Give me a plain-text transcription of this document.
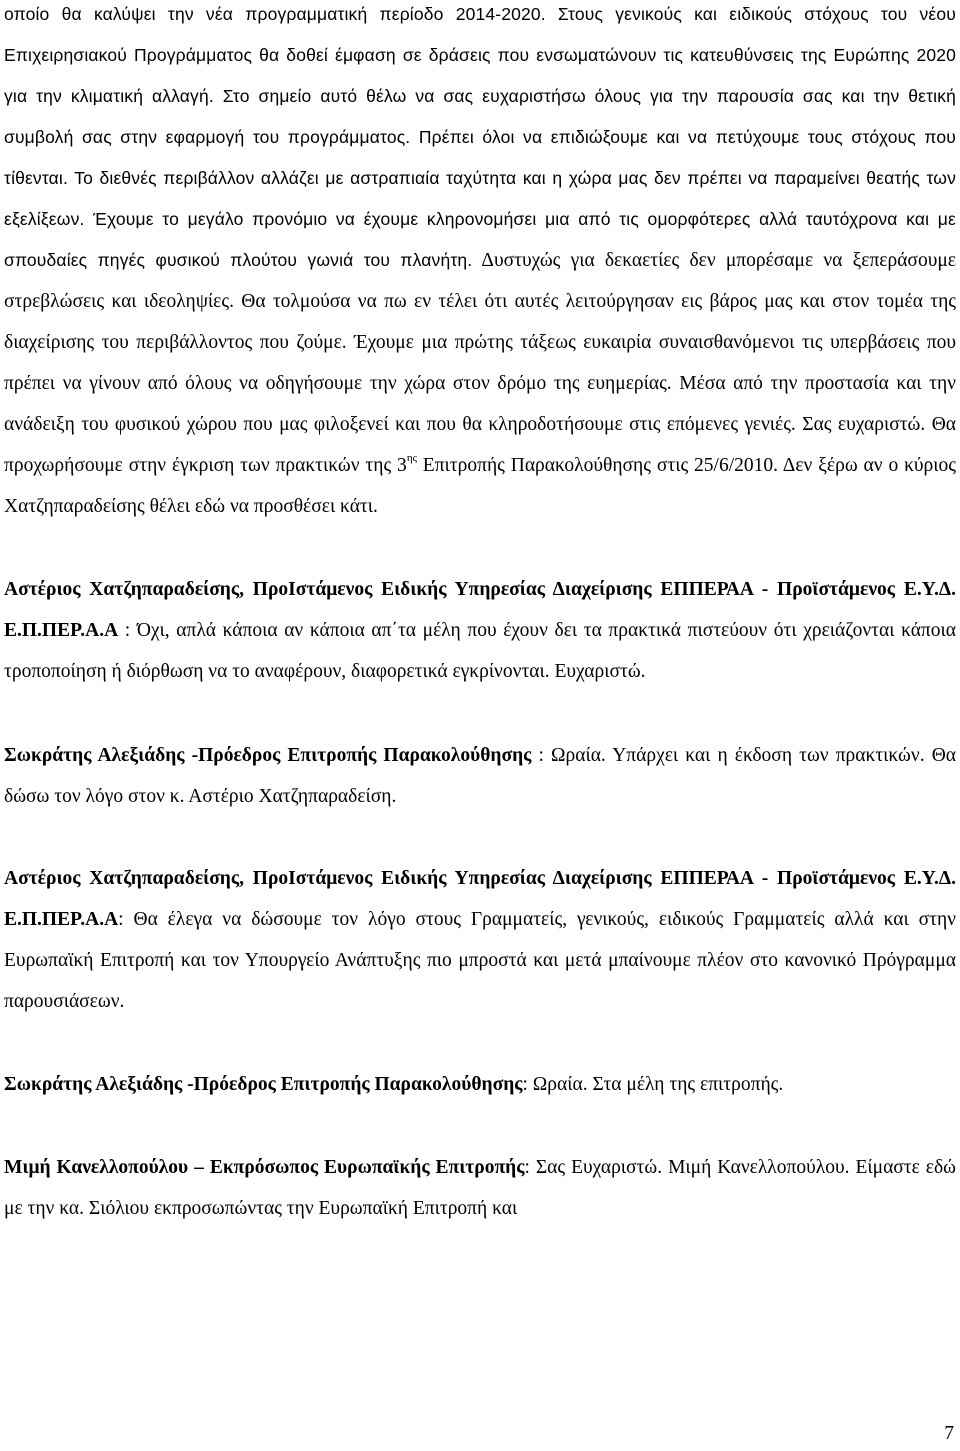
οποίο θα καλύψει την νέα προγραμματική περίοδο 2014-2020. Στους γενικούς και ειδικούς στόχους του νέου Επιχειρησιακού Προγράμματος θα δοθεί έμφαση σε δράσεις που ενσωματώνουν τις κατευθύνσεις της Ευρώπης 2020 για την κλιματική αλλαγή. Στο σημείο αυτό θέλω να σας ευχαριστήσω όλους για την παρουσία σας και την θετική συμβολή σας στην εφαρμογή του προγράμματος. Πρέπει όλοι να επιδιώξουμε και να πετύχουμε τους στόχους που τίθενται. Το διεθνές περιβάλλον αλλάζει με αστραπιαία ταχύτητα και η χώρα μας δεν πρέπει να παραμείνει θεατής των εξελίξεων. Έχουμε το μεγάλο προνόμιο να έχουμε κληρονομήσει μια από τις ομορφότερες αλλά ταυτόχρονα και με σπουδαίες πηγές φυσικού πλούτου γωνιά του πλανήτη. Δυστυχώς για δεκαετίες δεν μπορέσαμε να ξεπεράσουμε στρεβλώσεις και ιδεοληψίες. Θα τολμούσα να πω εν τέλει ότι αυτές λειτούργησαν εις βάρος μας και στον τομέα της διαχείρισης του περιβάλλοντος που ζούμε. Έχουμε μια πρώτης τάξεως ευκαιρία συναισθανόμενοι τις υπερβάσεις που πρέπει να γίνουν από όλους να οδηγήσουμε την χώρα στον δρόμο της ευημερίας. Μέσα από την προστασία και την ανάδειξη του φυσικού χώρου που μας φιλοξενεί και που θα κληροδοτήσουμε στις επόμενες γενιές. Σας ευχαριστώ. Θα προχωρήσουμε στην έγκριση των πρακτικών της $3^{\eta\varsigma}$ Επιτροπής Παρακολούθησης στις 25/6/2010. Δεν ξέρω αν ο κύριος Χατζηπαραδείσης θέλει εδώ να προσθέσει κάτι.

Αστέριος Χατζηπαραδείσης, ΠροΙστάμενος Ειδικής Υπηρεσίας Διαχείρισης ΕΠΠΕΡΑΑ - Προϊστάμενος Ε.Υ.Δ. Ε.Π.ΠΕΡ.Α.Α : Όχι, απλά κάποια αν κάποια απ΄τα μέλη που έχουν δει τα πρακτικά πιστεύουν ότι χρειάζονται κάποια τροποποίηση ή διόρθωση να το αναφέρουν, διαφορετικά εγκρίνονται. Ευχαριστώ.

Σωκράτης Αλεξιάδης -Πρόεδρος Επιτροπής Παρακολούθησης : Ωραία. Υπάρχει και η έκδοση των πρακτικών. Θα δώσω τον λόγο στον κ. Αστέριο Χατζηπαραδείση.

Αστέριος Χατζηπαραδείσης, ΠροΙστάμενος Ειδικής Υπηρεσίας Διαχείρισης ΕΠΠΕΡΑΑ - Προϊστάμενος Ε.Υ.Δ. Ε.Π.ΠΕΡ.Α.Α: Θα έλεγα να δώσουμε τον λόγο στους Γραμματείς, γενικούς, ειδικούς Γραμματείς αλλά και στην Ευρωπαϊκή Επιτροπή και τον Υπουργείο Ανάπτυξης πιο μπροστά και μετά μπαίνουμε πλέον στο κανονικό Πρόγραμμα παρουσιάσεων.

Σωκράτης Αλεξιάδης -Πρόεδρος Επιτροπής Παρακολούθησης: Ωραία. Στα μέλη της επιτροπής.

Μιμή Κανελλοπούλου – Εκπρόσωπος Ευρωπαϊκής Επιτροπής: Σας Ευχαριστώ. Μιμή Κανελλοπούλου. Είμαστε εδώ με την κα. Σιόλιου εκπροσωπώντας την Ευρωπαϊκή Επιτροπή και

7
